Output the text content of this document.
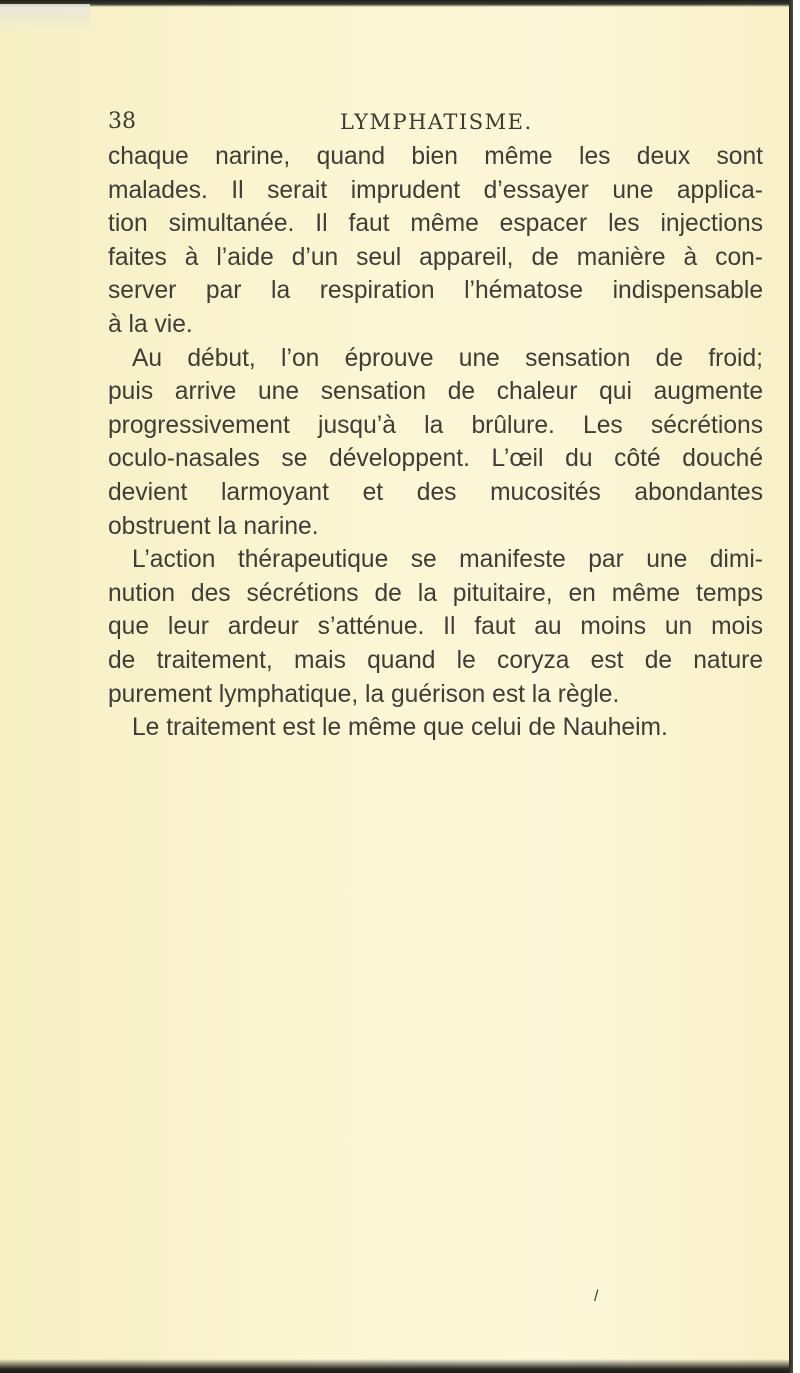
38	LYMPHATISME.
chaque narine, quand bien même les deux sont
malades. Il serait imprudent d’essayer une applica-
tion simultanée. Il faut même espacer les injections
faites à l’aide d’un seul appareil, de manière à con-
server par la respiration l’hématose indispensable
à la vie.
Au début, l’on éprouve une sensation de froid;
puis arrive une sensation de chaleur qui augmente
progressivement jusqu’à la brûlure. Les sécrétions
oculo-nasales se développent. L’œil du côté douché
devient larmoyant et des mucosités abondantes
obstruent la narine.
L’action thérapeutique se manifeste par une dimi-
nution des sécrétions de la pituitaire, en même temps
que leur ardeur s’atténue. Il faut au moins un mois
de traitement, mais quand le coryza est de nature
purement lymphatique, la guérison est la règle.
Le traitement est le même que celui de Nauheim.
/
